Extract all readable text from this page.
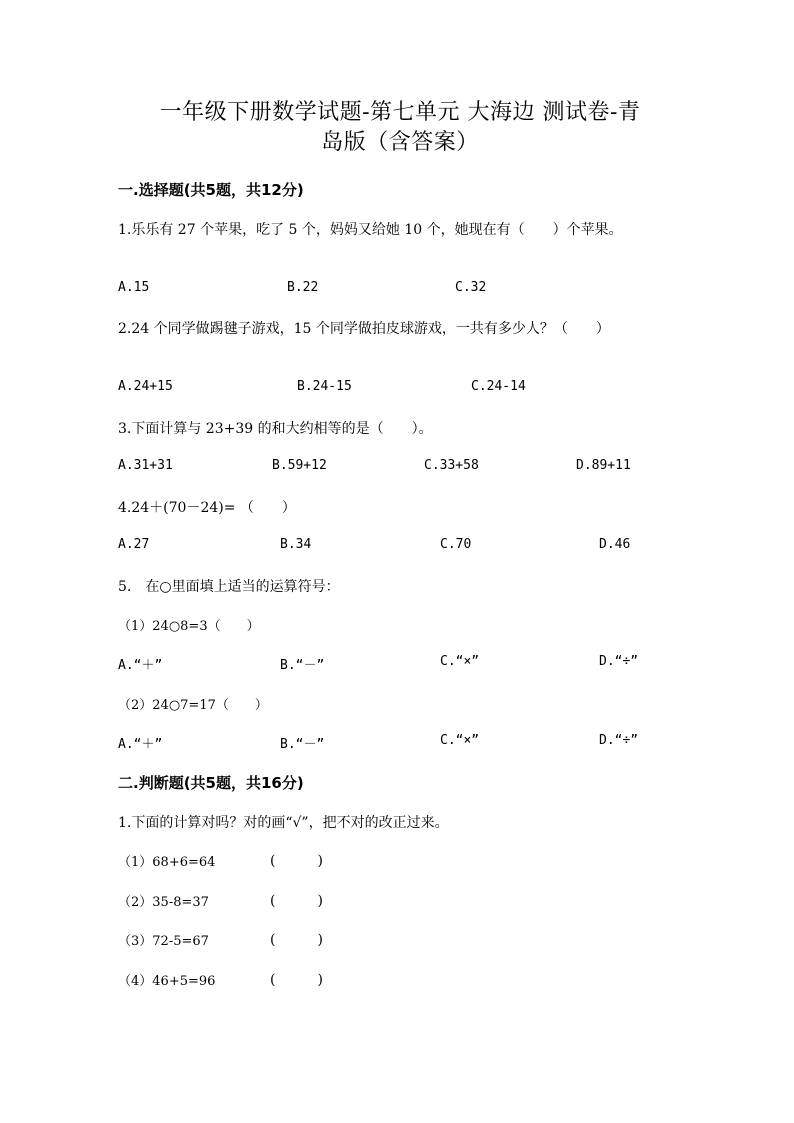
一年级下册数学试题-第七单元 大海边 测试卷-青
岛版（含答案）
一.选择题(共5题，共12分)
1.乐乐有 27 个苹果，吃了 5 个，妈妈又给她 10 个，她现在有（　　）个苹果。
A.15	B.22	C.32
2.24 个同学做踢毽子游戏，15 个同学做拍皮球游戏，一共有多少人？（　　）
A.24+15	B.24-15	C.24-14
3.下面计算与 23+39 的和大约相等的是（　　）。
A.31+31	B.59+12	C.33+58	D.89+11
4.24＋(70－24)= （　　）
A.27	B.34	C.70	D.46
5.　在○里面填上适当的运算符号：
（1）24○8=3（　　）
A.“＋”	B.“－”	C.“×”	D.“÷”
（2）24○7=17（　　）
A.“＋”	B.“－”	C.“×”	D.“÷”
二.判断题(共5题，共16分)
1.下面的计算对吗？对的画“√”，把不对的改正过来。
（1）68+6=64	(　　　)
（2）35-8=37	(　　　)
（3）72-5=67	(　　　)
（4）46+5=96	(　　　)
